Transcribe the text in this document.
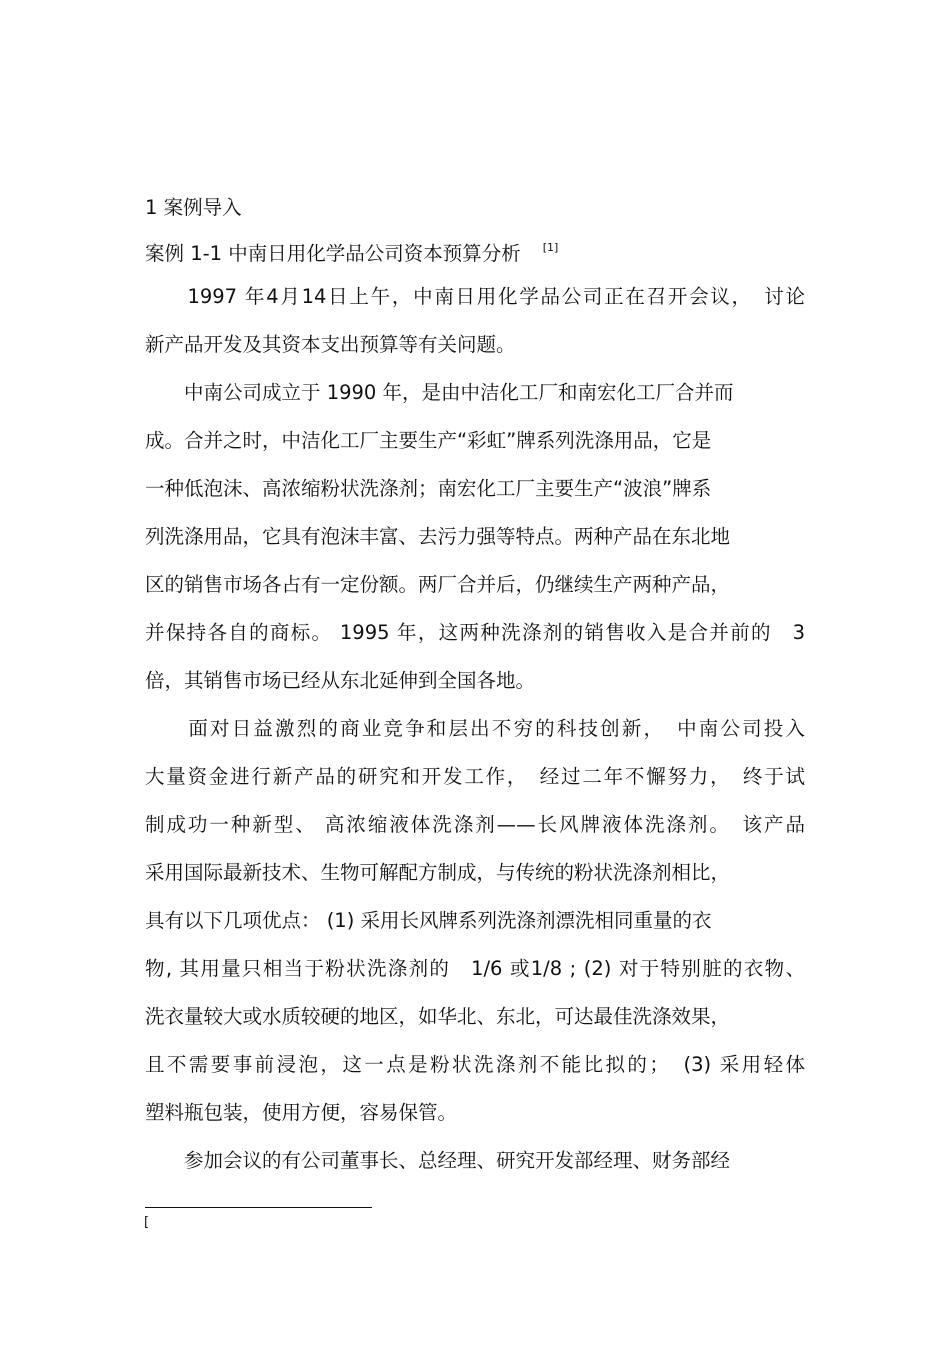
1 案例导入
案例 1-1 中南日用化学品公司资本预算分析 [1]

　　1997 年4月14日上午，中南日用化学品公司正在召开会议，　讨论

新产品开发及其资本支出预算等有关问题。

　　中南公司成立于 1990 年，是由中洁化工厂和南宏化工厂合并而

成。合并之时，中洁化工厂主要生产“彩虹”牌系列洗涤用品，它是

一种低泡沫、高浓缩粉状洗涤剂；南宏化工厂主要生产“波浪”牌系

列洗涤用品，它具有泡沫丰富、去污力强等特点。两种产品在东北地

区的销售市场各占有一定份额。两厂合并后，仍继续生产两种产品，

并保持各自的商标。 1995 年，这两种洗涤剂的销售收入是合并前的　3

倍，其销售市场已经从东北延伸到全国各地。

　　面对日益激烈的商业竞争和层出不穷的科技创新，　中南公司投入

大量资金进行新产品的研究和开发工作，　经过二年不懈努力，　终于试

制成功一种新型、 高浓缩液体洗涤剂——长风牌液体洗涤剂。　该产品

采用国际最新技术、生物可解配方制成，与传统的粉状洗涤剂相比，

具有以下几项优点： (1) 采用长风牌系列洗涤剂漂洗相同重量的衣

物, 其用量只相当于粉状洗涤剂的　1/6 或1/8 ; (2) 对于特别脏的衣物、

洗衣量较大或水质较硬的地区，如华北、东北，可达最佳洗涤效果，

且不需要事前浸泡，这一点是粉状洗涤剂不能比拟的；　(3) 采用轻体

塑料瓶包装，使用方便，容易保管。

　　参加会议的有公司董事长、总经理、研究开发部经理、财务部经

[
